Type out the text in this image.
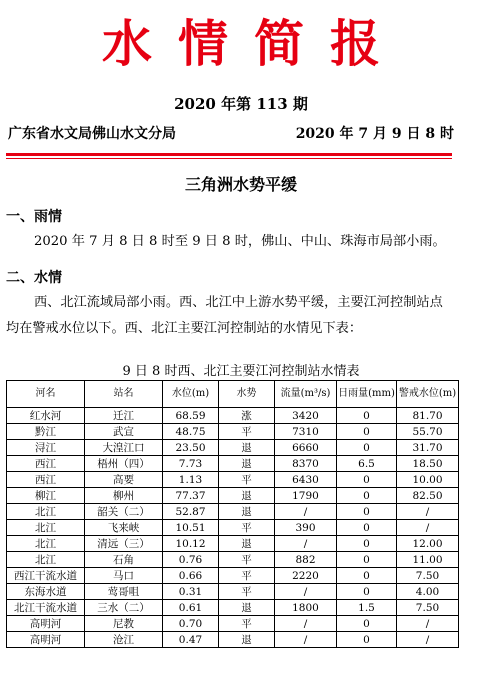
水情简报
2020 年第 113 期
广东省水文局佛山水文分局	2020 年 7 月 9 日 8 时
三角洲水势平缓
一、雨情
2020 年 7 月 8 日 8 时至 9 日 8 时，佛山、中山、珠海市局部小雨。
二、水情
西、北江流域局部小雨。西、北江中上游水势平缓，主要江河控制站点均在警戒水位以下。西、北江主要江河控制站的水情见下表：
9 日 8 时西、北江主要江河控制站水情表
河名	站名	水位(m)	水势	流量(m³/s)	日雨量(mm)	警戒水位(m)
红水河	迁江	68.59	涨	3420	0	81.70
黔江	武宣	48.75	平	7310	0	55.70
浔江	大湟江口	23.50	退	6660	0	31.70
西江	梧州（四）	7.73	退	8370	6.5	18.50
西江	高要	1.13	平	6430	0	10.00
柳江	柳州	77.37	退	1790	0	82.50
北江	韶关（二）	52.87	退	/	0	/
北江	飞来峡	10.51	平	390	0	/
北江	清远（三）	10.12	退	/	0	12.00
北江	石角	0.76	平	882	0	11.00
西江干流水道	马口	0.66	平	2220	0	7.50
东海水道	莺哥咀	0.31	平	/	0	4.00
北江干流水道	三水（二）	0.61	退	1800	1.5	7.50
高明河	尼教	0.70	平	/	0	/
高明河	沧江	0.47	退	/	0	/
